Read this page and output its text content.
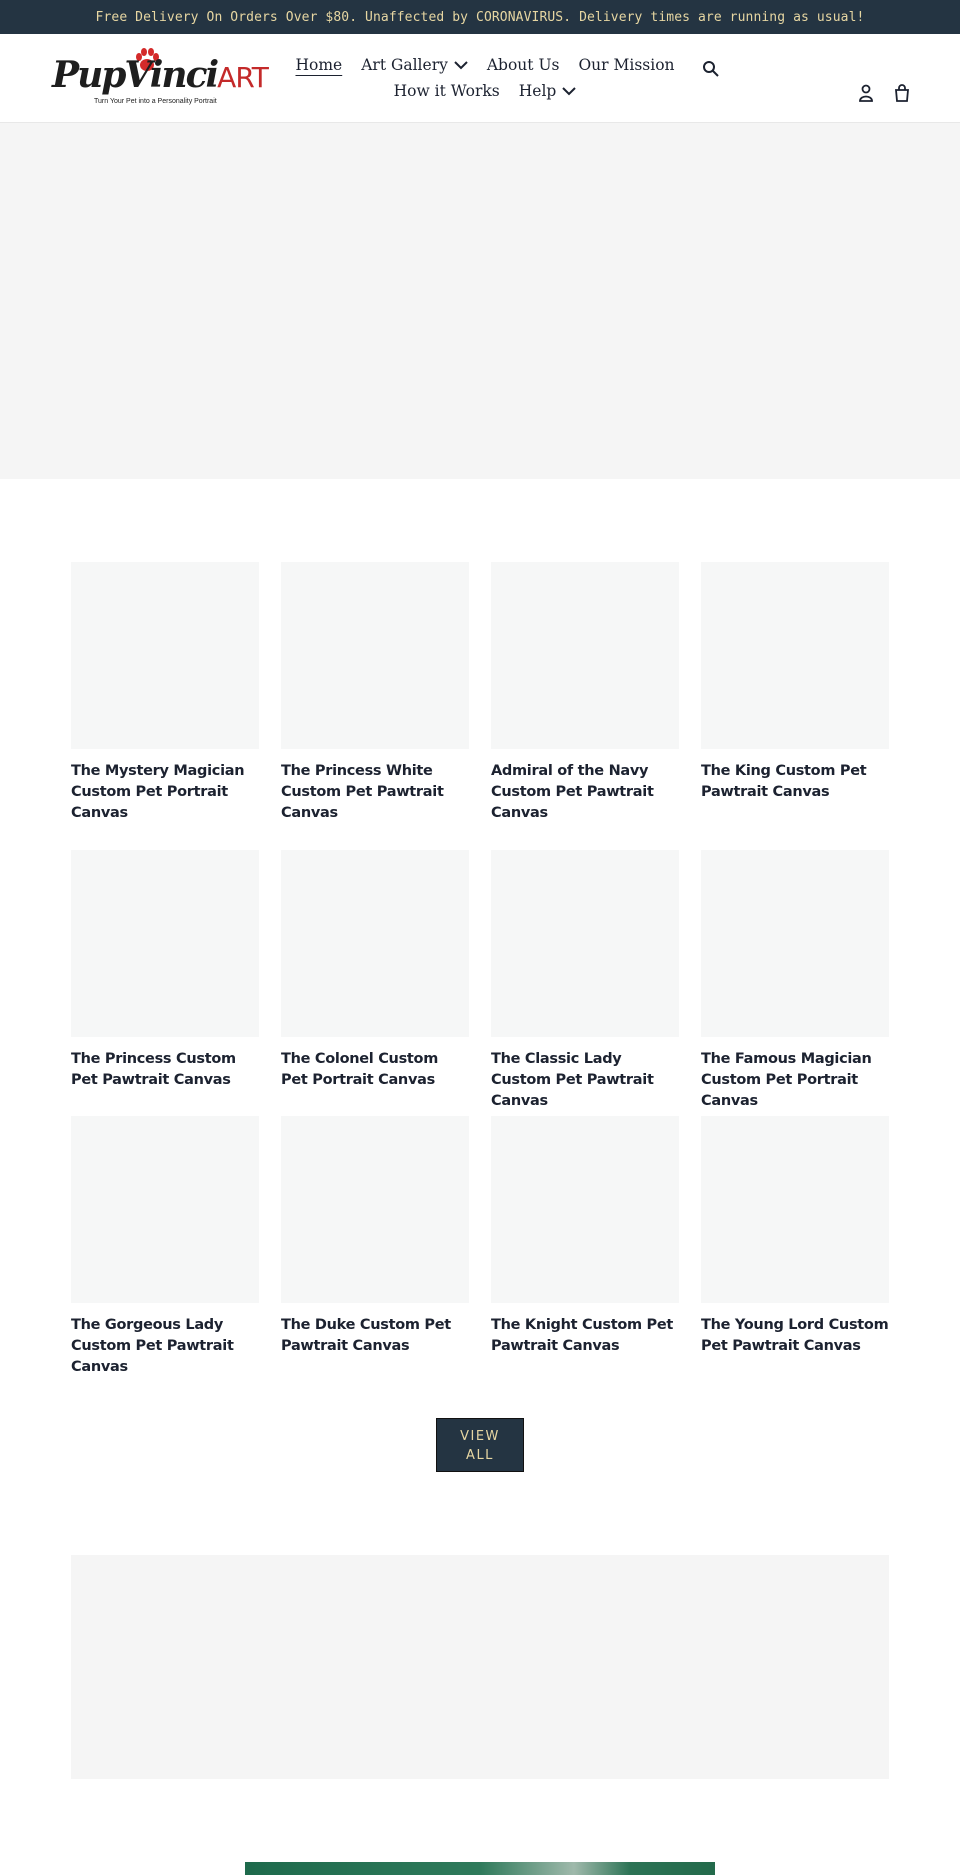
Free Delivery On Orders Over $80. Unaffected by CORONAVIRUS. Delivery times are running as usual!
PupVinciART
Turn Your Pet into a Personality Portrait
Home Art Gallery	About Us Our Mission
How it Works Help
The Mystery Magician Custom Pet Portrait Canvas
The Princess White Custom Pet Pawtrait Canvas
Admiral of the Navy Custom Pet Pawtrait Canvas
The King Custom Pet Pawtrait Canvas
The Princess Custom Pet Pawtrait Canvas
The Colonel Custom Pet Portrait Canvas
The Classic Lady Custom Pet Pawtrait Canvas
The Famous Magician Custom Pet Portrait Canvas
The Gorgeous Lady Custom Pet Pawtrait Canvas
The Duke Custom Pet Pawtrait Canvas
The Knight Custom Pet Pawtrait Canvas
The Young Lord Custom Pet Pawtrait Canvas
VIEW
ALL
